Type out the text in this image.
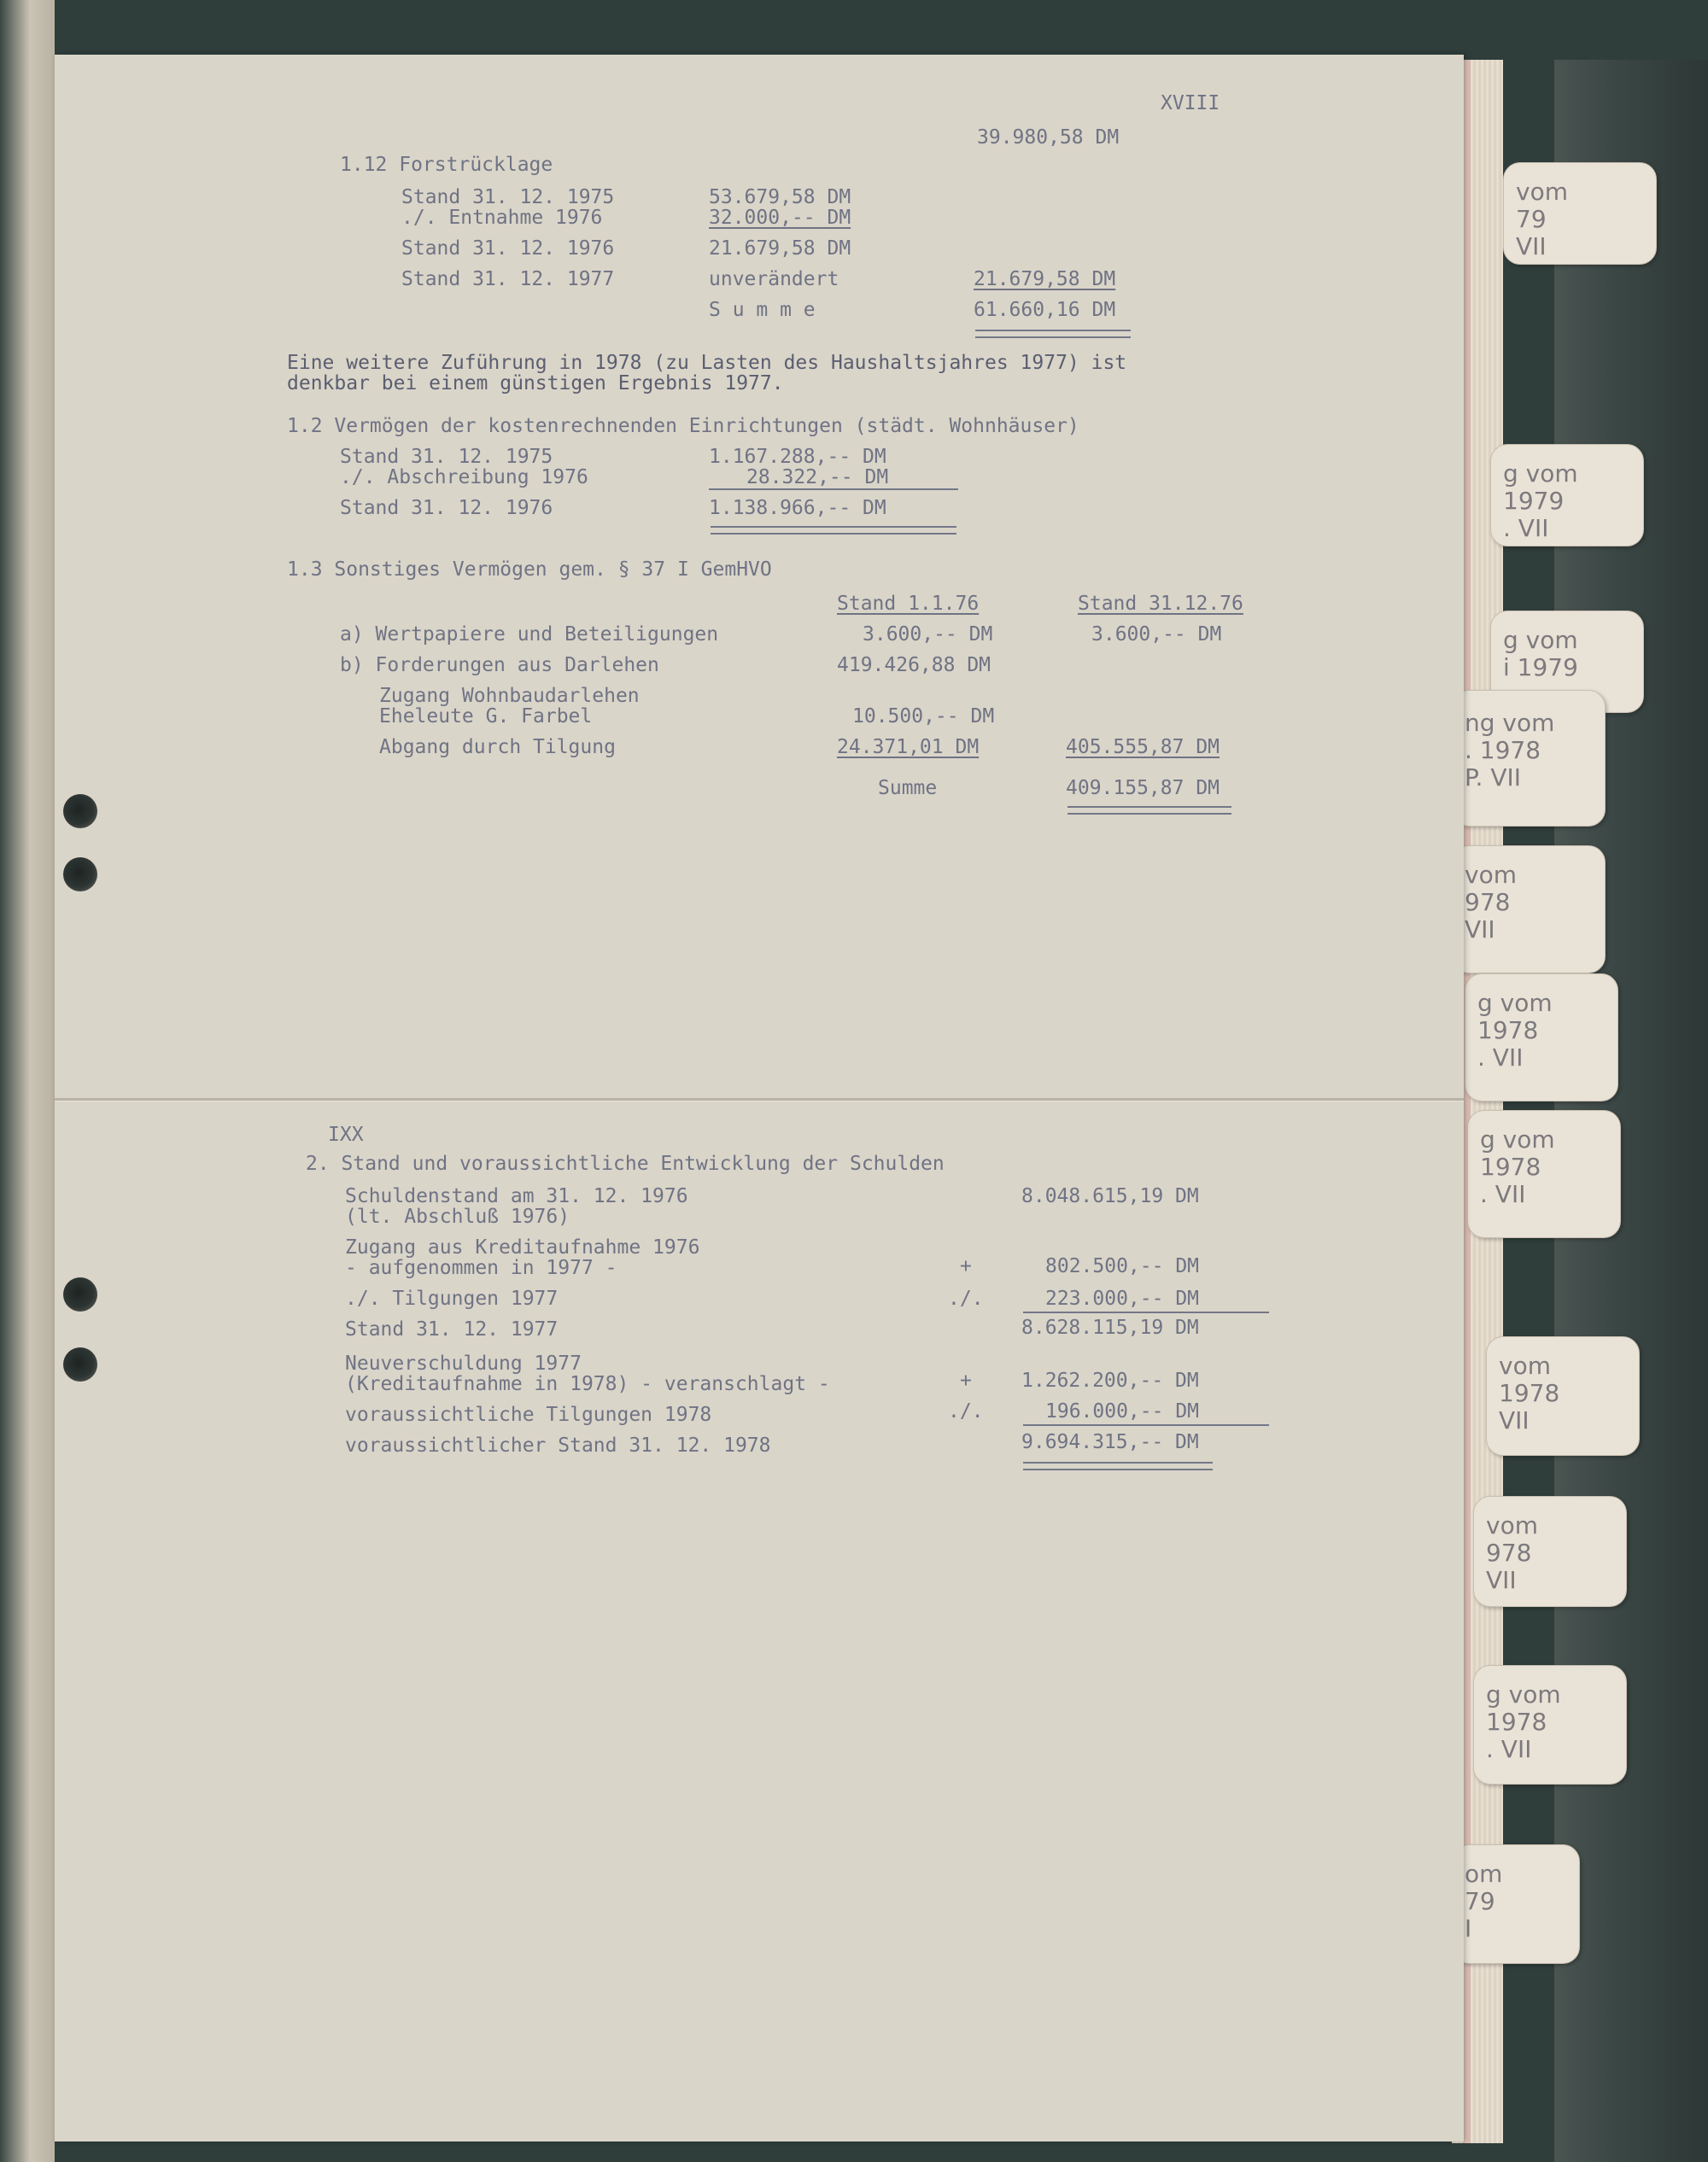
vom
79
VII
g vom
1979
. VII
g vom
i 1979
ng vom
. 1978
P. VII
vom
978
VII
g vom
1978
. VII
g vom
1978
. VII
vom
1978
VII
vom
978
VII
g vom
1978
. VII
om
79
I
XVIII
39.980,58 DM
1.12 Forstrücklage
Stand 31. 12. 1975	53.679,58 DM
./. Entnahme 1976	32.000,-- DM
Stand 31. 12. 1976	21.679,58 DM
Stand 31. 12. 1977	unverändert	21.679,58 DM
S u m m e	61.660,16 DM
Eine weitere Zuführung in 1978 (zu Lasten des Haushaltsjahres 1977) ist
denkbar bei einem günstigen Ergebnis 1977.
1.2 Vermögen der kostenrechnenden Einrichtungen (städt. Wohnhäuser)
Stand 31. 12. 1975	1.167.288,-- DM
./. Abschreibung 1976	28.322,-- DM
Stand 31. 12. 1976	1.138.966,-- DM
1.3 Sonstiges Vermögen gem. § 37 I GemHVO
Stand 1.1.76	Stand 31.12.76
a) Wertpapiere und Beteiligungen	3.600,-- DM	3.600,-- DM
b) Forderungen aus Darlehen	419.426,88 DM
Zugang Wohnbaudarlehen
Eheleute G. Farbel	10.500,-- DM
Abgang durch Tilgung	24.371,01 DM	405.555,87 DM
Summe	409.155,87 DM
IXX
2. Stand und voraussichtliche Entwicklung der Schulden
Schuldenstand am 31. 12. 1976
(lt. Abschluß 1976)
8.048.615,19 DM
Zugang aus Kreditaufnahme 1976
- aufgenommen in 1977 -	+	802.500,-- DM
./. Tilgungen 1977	./.	223.000,-- DM
Stand 31. 12. 1977	8.628.115,19 DM
Neuverschuldung 1977
(Kreditaufnahme in 1978) - veranschlagt -	+	1.262.200,-- DM
voraussichtliche Tilgungen 1978	./.	196.000,-- DM
voraussichtlicher Stand 31. 12. 1978	9.694.315,-- DM
